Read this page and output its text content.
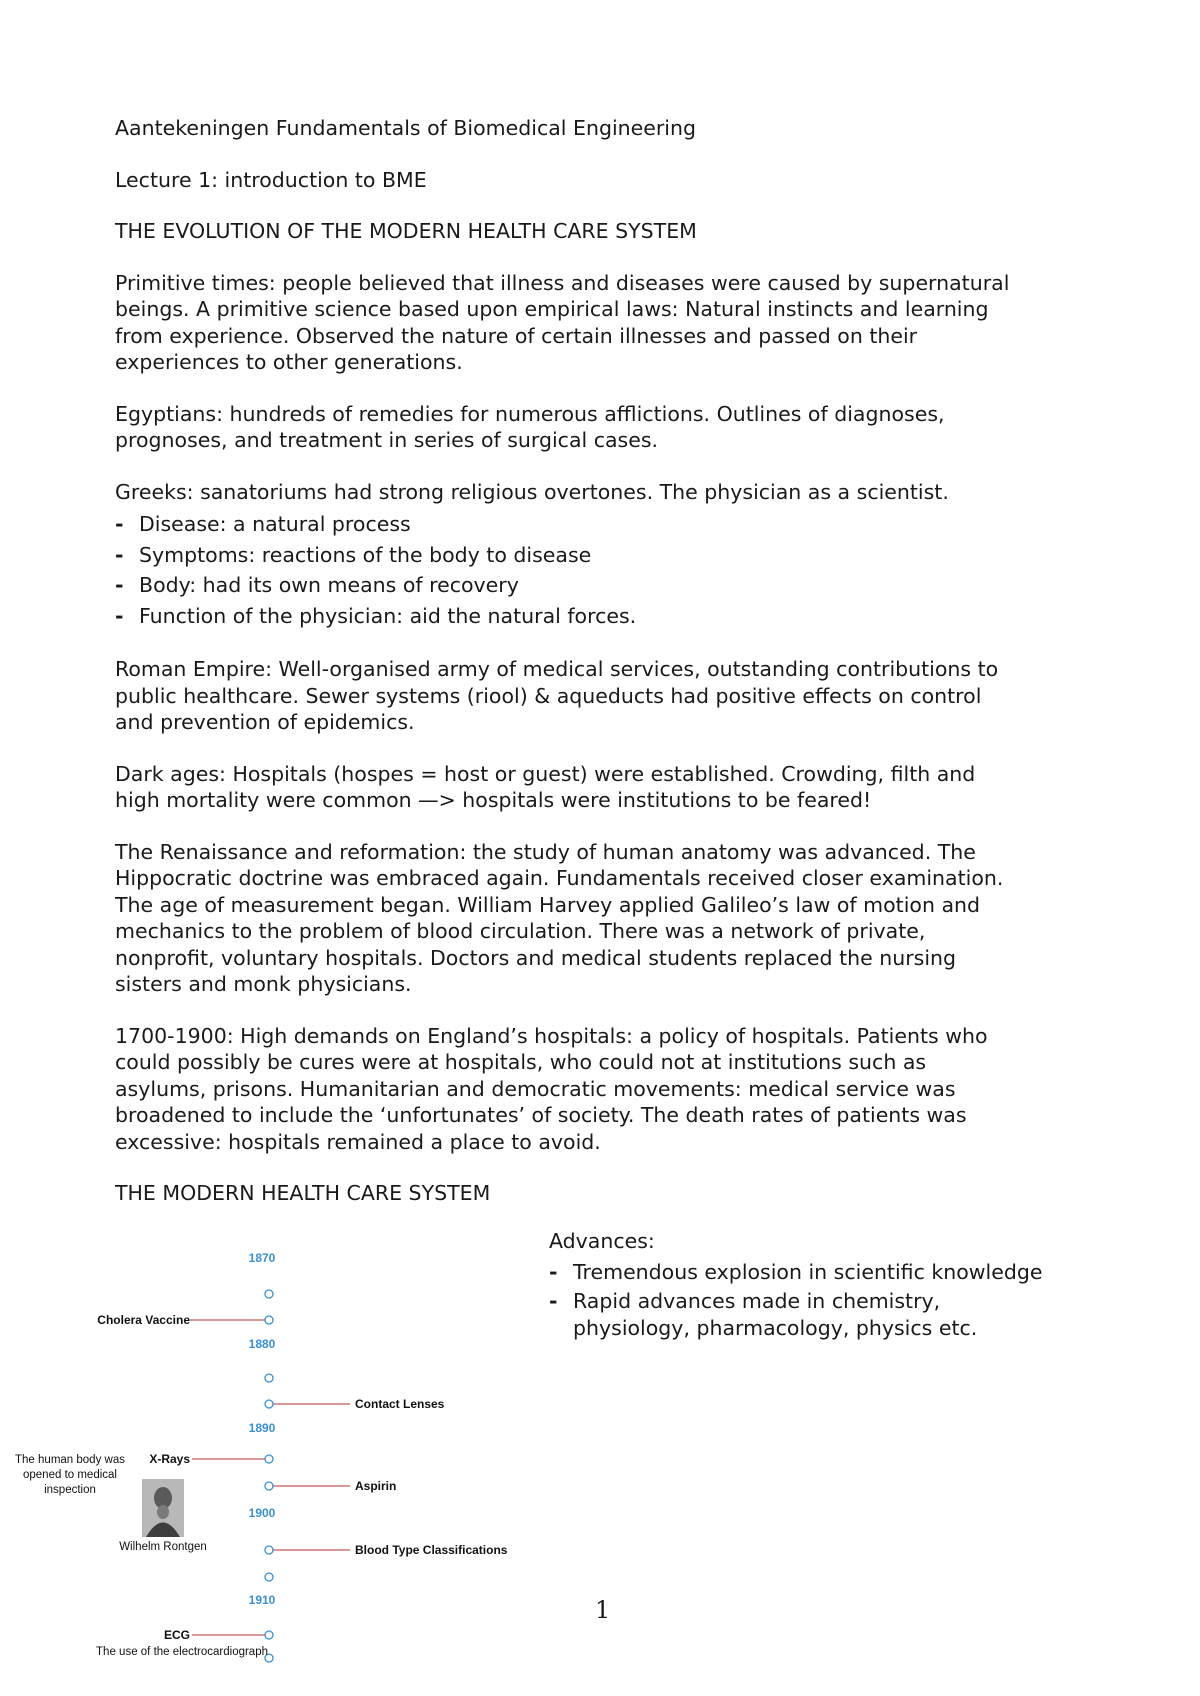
Aantekeningen Fundamentals of Biomedical Engineering
Lecture 1: introduction to BME
THE EVOLUTION OF THE MODERN HEALTH CARE SYSTEM

Primitive times: people believed that illness and diseases were caused by supernatural

beings. A primitive science based upon empirical laws: Natural instincts and learning

from experience. Observed the nature of certain illnesses and passed on their

experiences to other generations.

Egyptians: hundreds of remedies for numerous afflictions. Outlines of diagnoses,

prognoses, and treatment in series of surgical cases.

Greeks: sanatoriums had strong religious overtones. The physician as a scientist.
- Disease: a natural process
- Symptoms: reactions of the body to disease
- Body: had its own means of recovery
- Function of the physician: aid the natural forces.

Roman Empire: Well-organised army of medical services, outstanding contributions to

public healthcare. Sewer systems (riool) & aqueducts had positive effects on control

and prevention of epidemics.

Dark ages: Hospitals (hospes = host or guest) were established. Crowding, filth and

high mortality were common —> hospitals were institutions to be feared!

The Renaissance and reformation: the study of human anatomy was advanced. The

Hippocratic doctrine was embraced again. Fundamentals received closer examination.

The age of measurement began. William Harvey applied Galileo’s law of motion and

mechanics to the problem of blood circulation. There was a network of private,

nonprofit, voluntary hospitals. Doctors and medical students replaced the nursing

sisters and monk physicians.

1700-1900: High demands on England’s hospitals: a policy of hospitals. Patients who

could possibly be cures were at hospitals, who could not at institutions such as

asylums, prisons. Humanitarian and democratic movements: medical service was

broadened to include the ‘unfortunates’ of society. The death rates of patients was

excessive: hospitals remained a place to avoid.

THE MODERN HEALTH CARE SYSTEM
Advances:
- Tremendous explosion in scientific knowledge
- Rapid advances made in chemistry,
physiology, pharmacology, physics etc.
1870
1880
1890
1900
1910
Cholera Vaccine
Contact Lenses
X-Rays
Aspirin
Blood Type Classifications
ECG
The human body was
opened to medical
inspection
Wilhelm Rontgen
The use of the electrocardiograph
1
